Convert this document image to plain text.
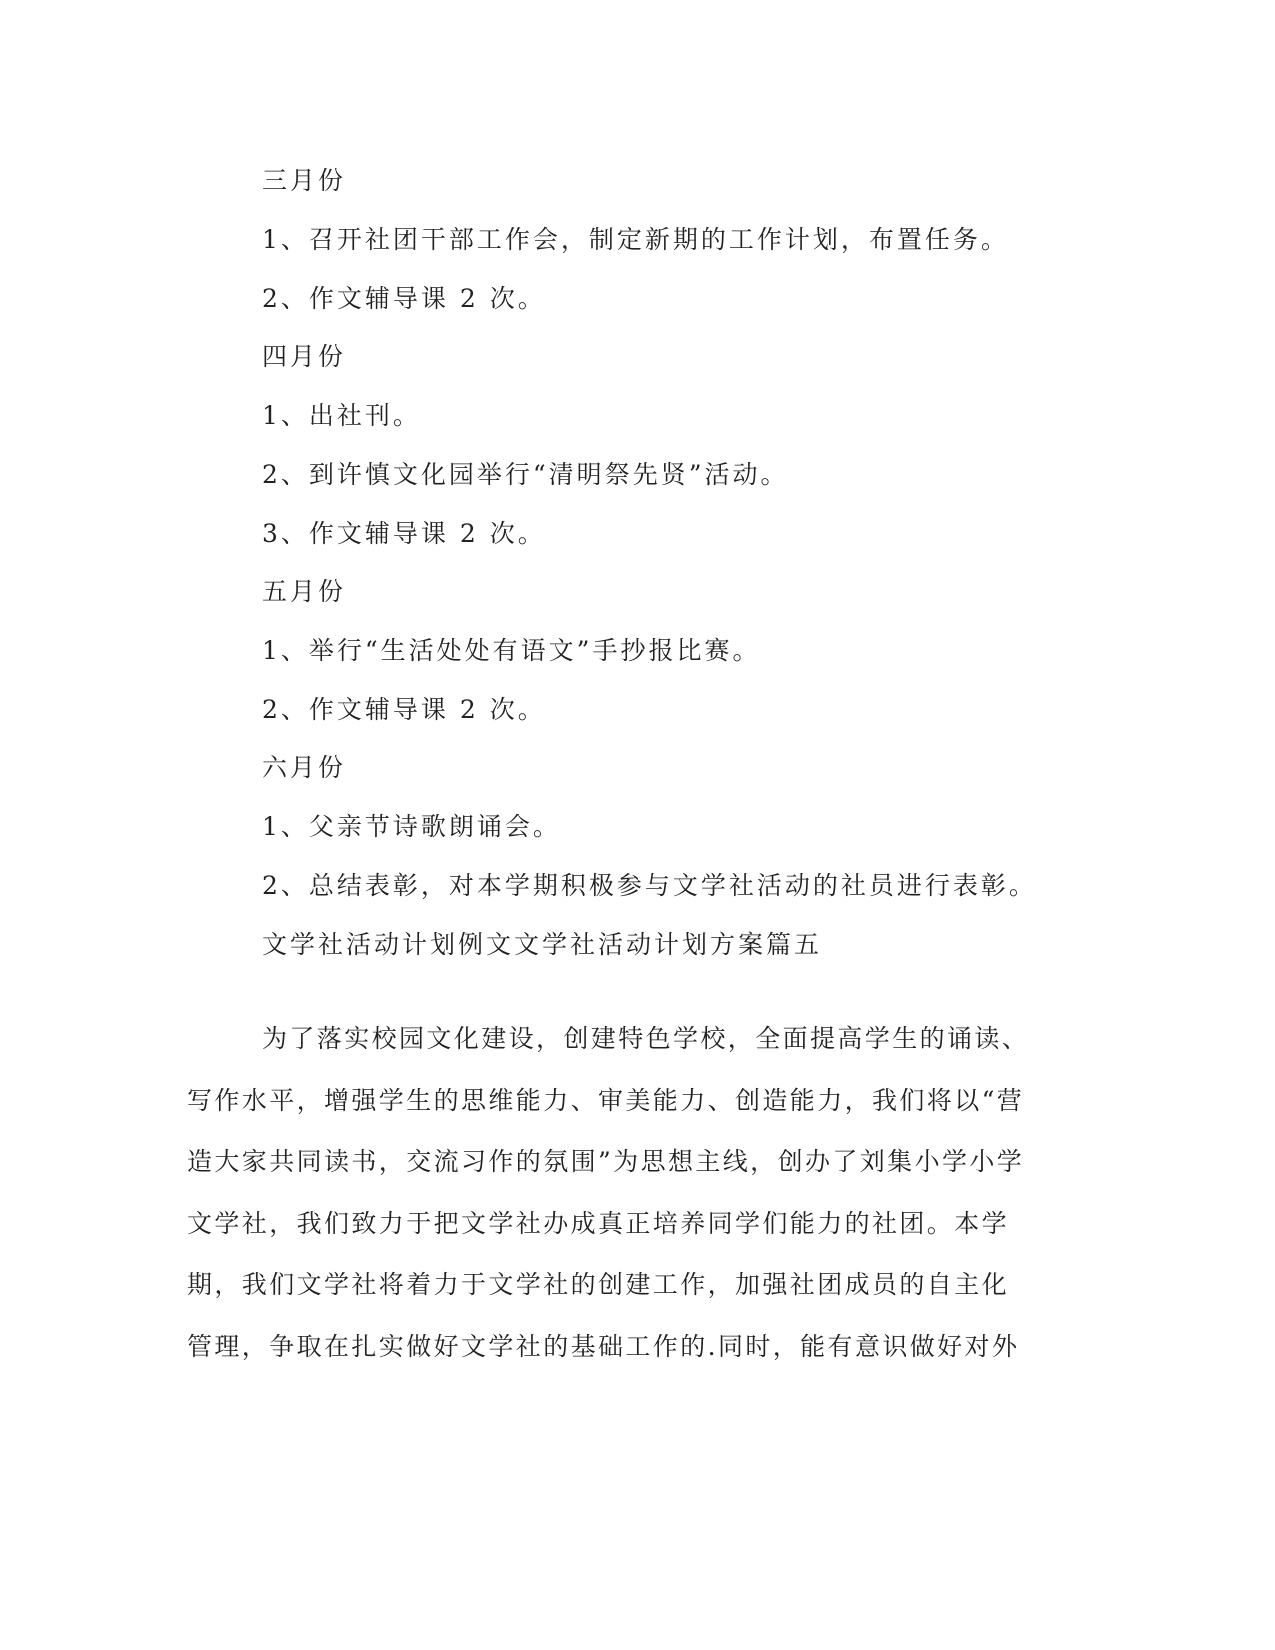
三月份
1、召开社团干部工作会，制定新期的工作计划，布置任务。
2、作文辅导课 2 次。
四月份
1、出社刊。
2、到许慎文化园举行“清明祭先贤”活动。
3、作文辅导课 2 次。
五月份
1、举行“生活处处有语文”手抄报比赛。
2、作文辅导课 2 次。
六月份
1、父亲节诗歌朗诵会。
2、总结表彰，对本学期积极参与文学社活动的社员进行表彰。
文学社活动计划例文文学社活动计划方案篇五
为了落实校园文化建设，创建特色学校，全面提高学生的诵读、
写作水平，增强学生的思维能力、审美能力、创造能力，我们将以“营
造大家共同读书，交流习作的氛围”为思想主线，创办了刘集小学小学
文学社，我们致力于把文学社办成真正培养同学们能力的社团。本学
期，我们文学社将着力于文学社的创建工作，加强社团成员的自主化
管理，争取在扎实做好文学社的基础工作的.同时，能有意识做好对外
